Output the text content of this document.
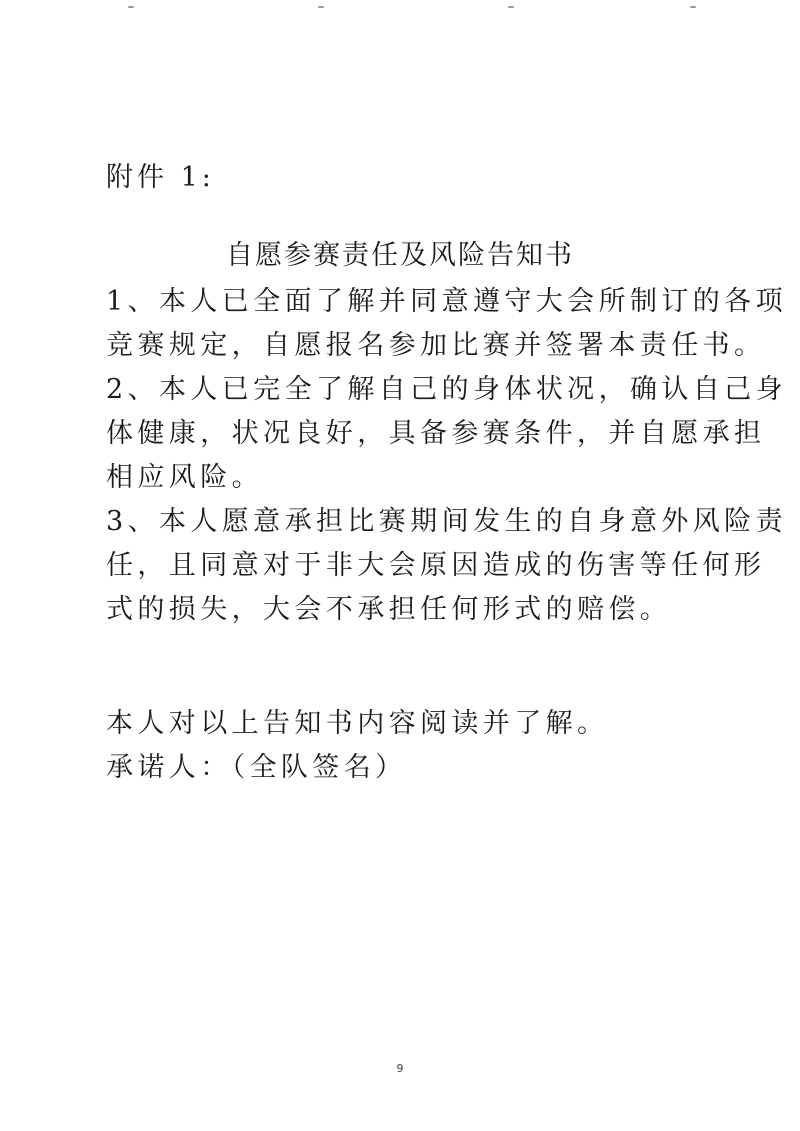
附件 1:
自愿参赛责任及风险告知书
1、本人已全面了解并同意遵守大会所制订的各项
竞赛规定，自愿报名参加比赛并签署本责任书。
2、本人已完全了解自己的身体状况，确认自己身
体健康，状况良好，具备参赛条件，并自愿承担
相应风险。
3、本人愿意承担比赛期间发生的自身意外风险责
任，且同意对于非大会原因造成的伤害等任何形
式的损失，大会不承担任何形式的赔偿。
本人对以上告知书内容阅读并了解。
承诺人：（全队签名）
9
